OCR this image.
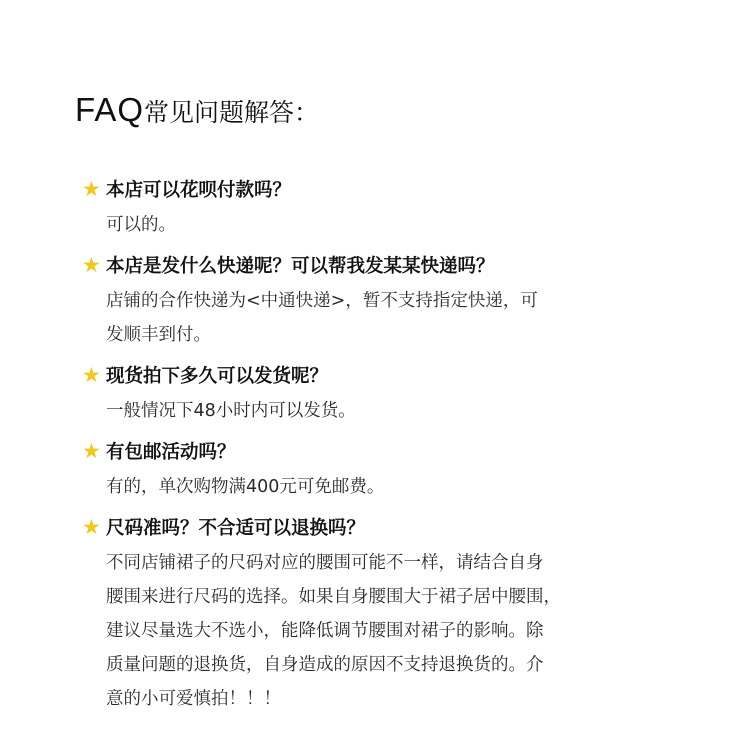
FAQ常见问题解答：
★ 本店可以花呗付款吗？
可以的。
★ 本店是发什么快递呢？可以帮我发某某快递吗？
店铺的合作快递为<中通快递>，暂不支持指定快递，可
发顺丰到付。
★ 现货拍下多久可以发货呢？
一般情况下48小时内可以发货。
★ 有包邮活动吗？
有的，单次购物满400元可免邮费。
★ 尺码准吗？不合适可以退换吗？
不同店铺裙子的尺码对应的腰围可能不一样，请结合自身
腰围来进行尺码的选择。如果自身腰围大于裙子居中腰围，
建议尽量选大不选小，能降低调节腰围对裙子的影响。除
质量问题的退换货，自身造成的原因不支持退换货的。介
意的小可爱慎拍！！！
